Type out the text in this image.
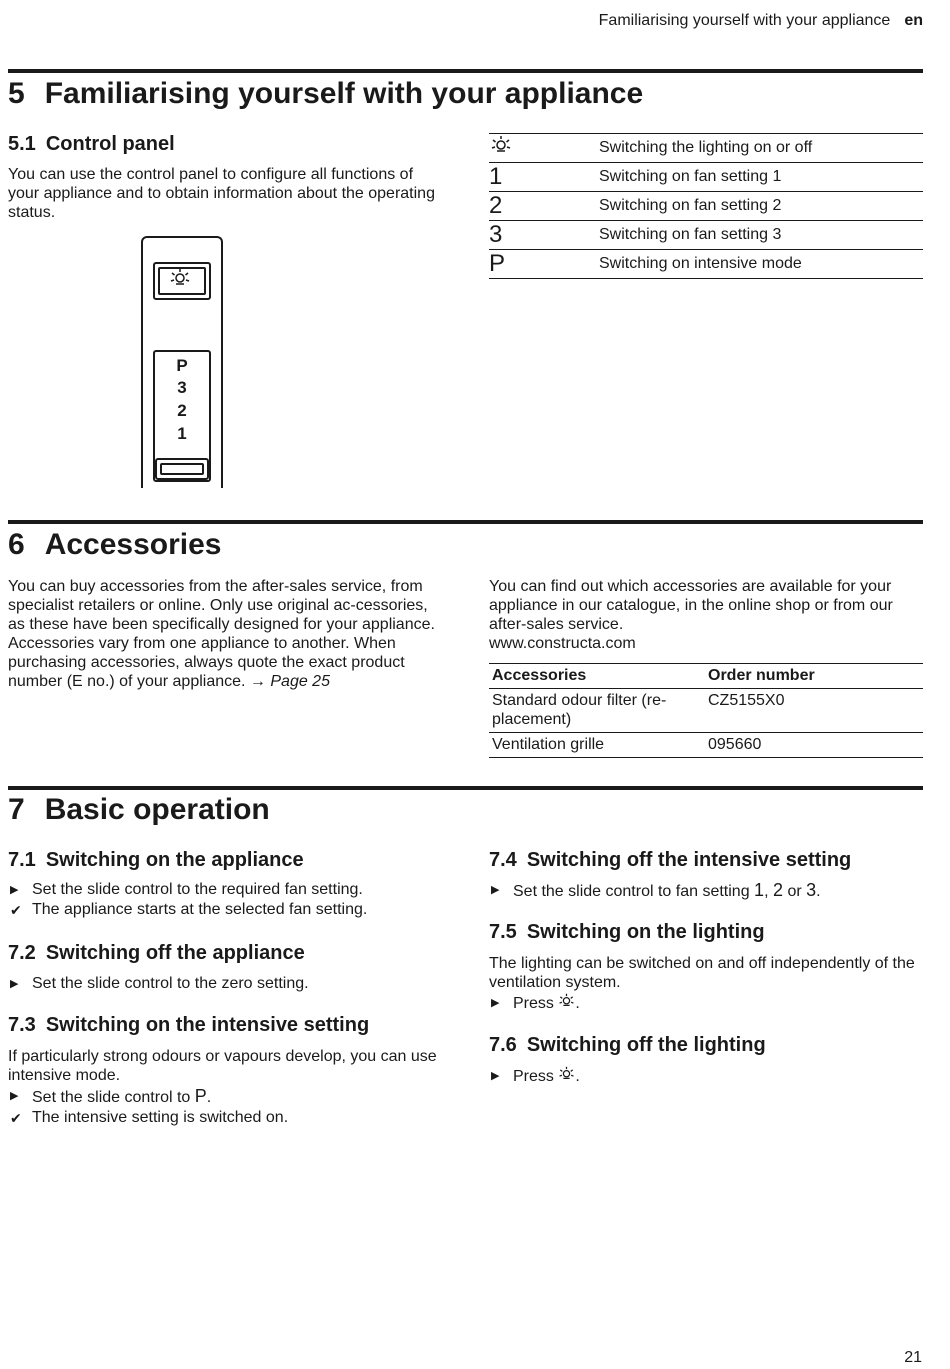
Familiarising yourself with your appliance en
5 Familiarising yourself with your appliance
5.1 Control panel
You can use the control panel to configure all functions of your appliance and to obtain information about the operating status.
P
3
2
1
	Switching the lighting on or off
1	Switching on fan setting 1
2	Switching on fan setting 2
3	Switching on fan setting 3
P	Switching on intensive mode
6 Accessories
You can buy accessories from the after-sales service, from specialist retailers or online. Only use original ac-cessories, as these have been specifically designed for your appliance.
Accessories vary from one appliance to another. When purchasing accessories, always quote the exact product number (E no.) of your appliance. → Page 25
You can find out which accessories are available for your appliance in our catalogue, in the online shop or from our after-sales service.
www.constructa.com
Accessories	Order number
Standard odour filter (re-placement)	CZ5155X0
Ventilation grille	095660
7 Basic operation
7.1 Switching on the appliance
▶ Set the slide control to the required fan setting.
✔ The appliance starts at the selected fan setting.
7.2 Switching off the appliance
▶ Set the slide control to the zero setting.
7.3 Switching on the intensive setting
If particularly strong odours or vapours develop, you can use intensive mode.
▶ Set the slide control to P.
✔ The intensive setting is switched on.
7.4 Switching off the intensive setting
▶ Set the slide control to fan setting 1, 2 or 3.
7.5 Switching on the lighting
The lighting can be switched on and off independently of the ventilation system.
▶ Press .
7.6 Switching off the lighting
▶ Press .
21
